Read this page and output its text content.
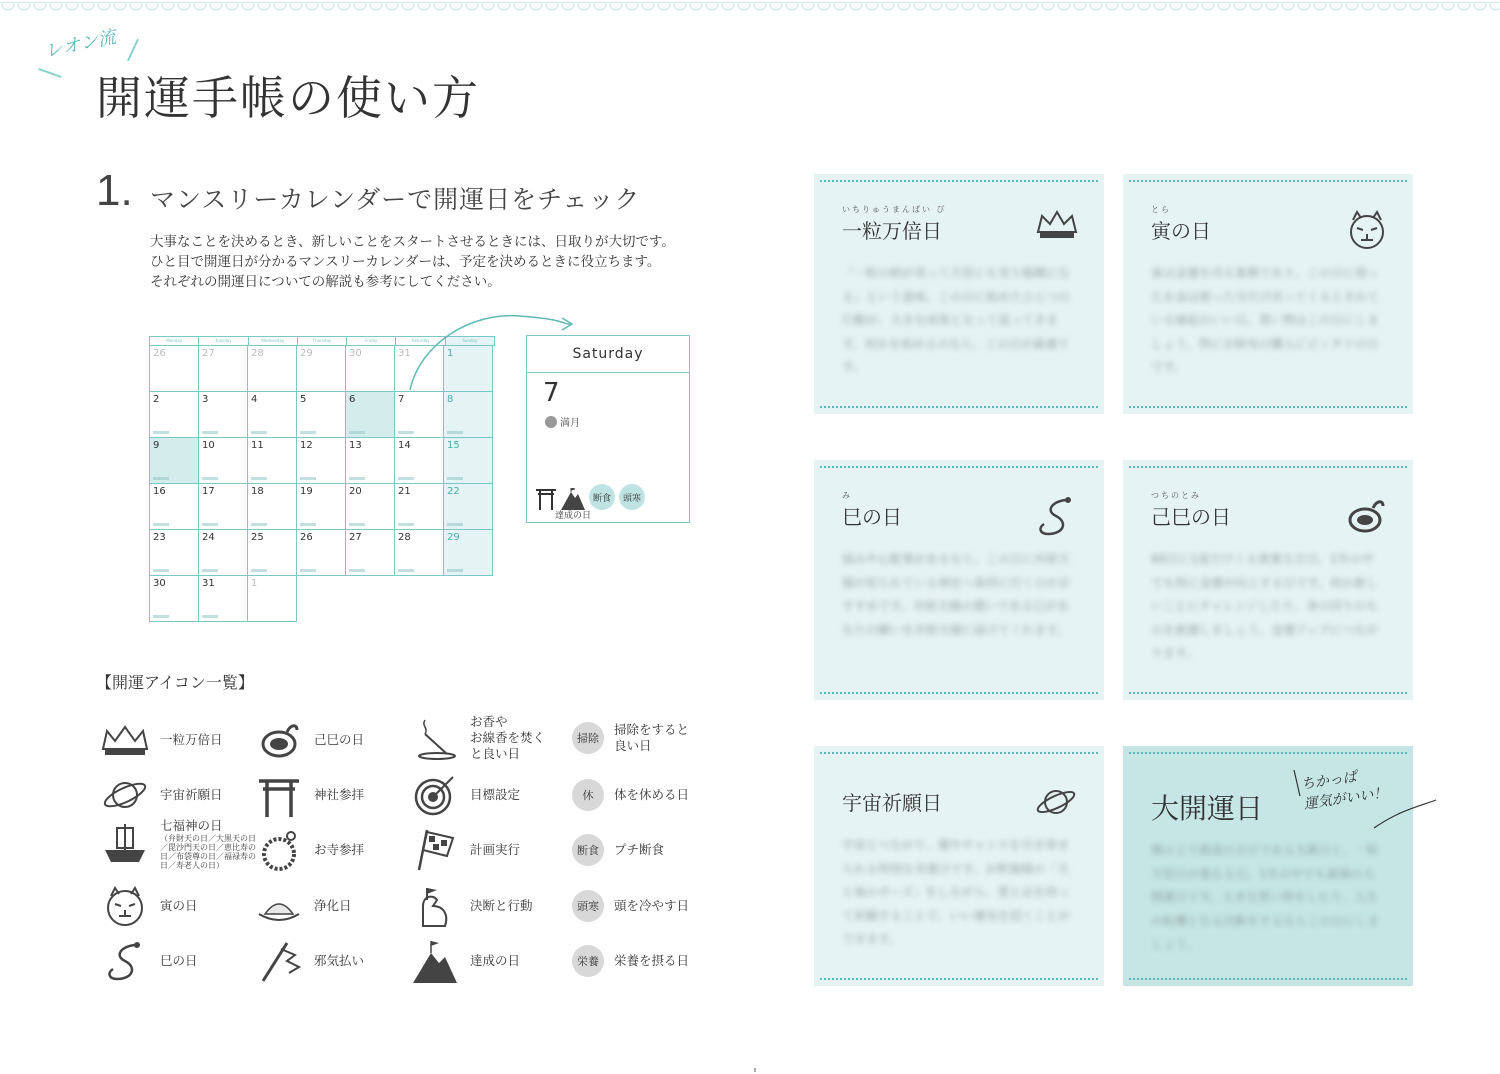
レオン流
開運手帳の使い方
1. マンスリーカレンダーで開運日をチェック

大事なことを決めるとき、新しいことをスタートさせるときには、日取りが大切です。

ひと目で開運日が分かるマンスリーカレンダーは、予定を決めるときに役立ちます。

それぞれの開運日についての解説も参考にしてください。

Monday	Tuesday	Wednesday	Thursday	Friday	Saturday	Sunday
26	27	28	29	30	31	1
2	3	4	5	6	7	8
9	10	11	12	13	14	15
16	17	18	19	20	21	22
23	24	25	26	27	28	29
30	31	1
Saturday
7
満月
断食	頭寒
達成の日
【開運アイコン一覧】
一粒万倍日
宇宙祈願日
七福神の日
（弁財天の日／大黒天の日／毘沙門天の日／恵比寿の日／布袋尊の日／福禄寿の日／寿老人の日）
寅の日
巳の日
己巳の日
神社参拝
お寺参拝
浄化日
邪気払い
お香や
お線香を焚く
と良い日
目標設定
計画実行
決断と行動
達成の日
掃除
掃除をすると
良い日
休	体を休める日
断食	プチ断食
頭寒	頭を冷やす日
栄養	栄養を摂る日
いちりゅうまんばい び
一粒万倍日
「一粒の籾が実って万倍にも実り稲穂になる」という意味。この日に始めたひとつの行動が、大きな成果となって返ってきます。何かを始めるのなら、この日が最適です。
とら
寅の日
寅は金運を司る象徴であり、この日に使ったお金は使った分だけ戻ってくるとされている縁起のいい日。買い物はこの日にしましょう。特にお財布の購入にピッタリの日です。
み
巳の日
悩みや心配事があるなら、この日に弁財天様が祀られている神社へ参拝に行くのがおすすめです。弁財天様の遣いである巳があなたの願いを弁財天様に届けてくれます。
つちのとみ
己巳の日
60日に1度だけくる貴重な吉日。1年の中でも特に金運が向上する日です。何か新しいことにチャレンジしたり、身の回りのものを新調しましょう。金運アップにつながります。
宇宙祈願日
宇宙とつながり、運やチャンスを引き寄せられる特別な幸運日です。お釈迦様の「天と地のポーズ」をしながら、愛と志を持って祈願することで、いい運気を招くことができます。
大開運日
暦の上で最高の吉日である天赦日と、一粒万倍日が重なる日。1年の中でも最強の大開運日です。大きな買い物をしたり、人生の転機となる決断をするならこの日にしましょう。
ちかっぱ
運気がいい！
